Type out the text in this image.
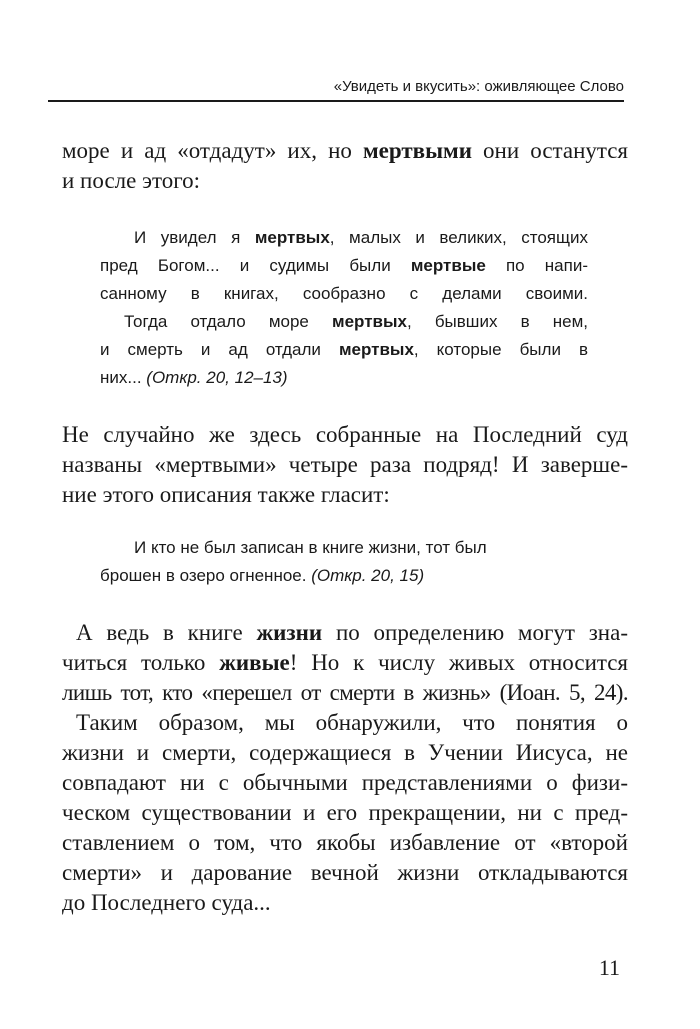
«Увидеть и вкусить»: оживляющее Слово
море и ад «отдадут» их, но мертвыми они останутся
и после этого:
И увидел я мертвых, малых и великих, стоящих
пред Богом... и судимы были мертвые по напи-
санному в книгах, сообразно с делами своими.
Тогда отдало море мертвых, бывших в нем,
и смерть и ад отдали мертвых, которые были в
них... (Откр. 20, 12–13)
Не случайно же здесь собранные на Последний суд
названы «мертвыми» четыре раза подряд! И заверше-
ние этого описания также гласит:
И кто не был записан в книге жизни, тот был
брошен в озеро огненное. (Откр. 20, 15)
А ведь в книге жизни по определению могут зна-
читься только живые! Но к числу живых относится
лишь тот, кто «перешел от смерти в жизнь» (Иоан. 5, 24).
Таким образом, мы обнаружили, что понятия о
жизни и смерти, содержащиеся в Учении Иисуса, не
совпадают ни с обычными представлениями о физи-
ческом существовании и его прекращении, ни с пред-
ставлением о том, что якобы избавление от «второй
смерти» и дарование вечной жизни откладываются
до Последнего суда...
11
